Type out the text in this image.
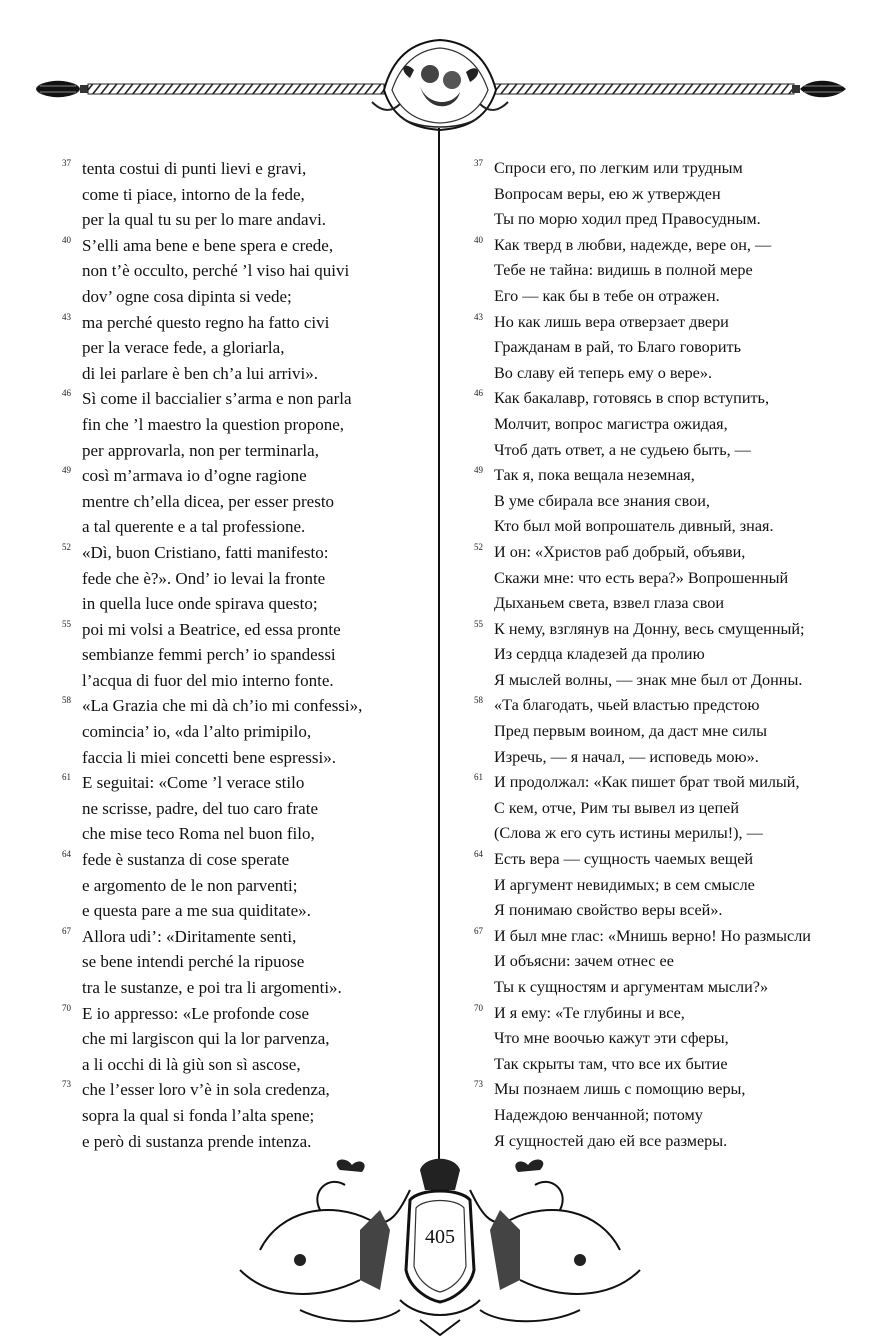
37 tenta costui di punti lievi e gravi,
come ti piace, intorno de la fede,
per la qual tu su per lo mare andavi.
40 S’elli ama bene e bene spera e crede,
non t’è occulto, perché ’l viso hai quivi
dov’ ogne cosa dipinta si vede;
43 ma perché questo regno ha fatto civi
per la verace fede, a gloriarla,
di lei parlare è ben ch’a lui arrivi».
46 Sì come il baccialier s’arma e non parla
fin che ’l maestro la question propone,
per approvarla, non per terminarla,
49 così m’armava io d’ogne ragione
mentre ch’ella dicea, per esser presto
a tal querente e a tal professione.
52 «Dì, buon Cristiano, fatti manifesto:
fede che è?». Ond’ io levai la fronte
in quella luce onde spirava questo;
55 poi mi volsi a Beatrice, ed essa pronte
sembianze femmi perch’ io spandessi
l’acqua di fuor del mio interno fonte.
58 «La Grazia che mi dà ch’io mi confessi»,
comincia’ io, «da l’alto primipilo,
faccia li miei concetti bene espressi».
61 E seguitai: «Come ’l verace stilo
ne scrisse, padre, del tuo caro frate
che mise teco Roma nel buon filo,
64 fede è sustanza di cose sperate
e argomento de le non parventi;
e questa pare a me sua quiditate».
67 Allora udi’: «Diritamente senti,
se bene intendi perché la ripuose
tra le sustanze, e poi tra li argomenti».
70 E io appresso: «Le profonde cose
che mi largiscon qui la lor parvenza,
a li occhi di là giù son sì ascose,
73 che l’esser loro v’è in sola credenza,
sopra la qual si fonda l’alta spene;
e però di sustanza prende intenza.
37 Спроси его, по легким или трудным
Вопросам веры, ею ж утвержден
Ты по морю ходил пред Правосудным.
40 Как тверд в любви, надежде, вере он, —
Тебе не тайна: видишь в полной мере
Его — как бы в тебе он отражен.
43 Но как лишь вера отверзает двери
Гражданам в рай, то Благо говорить
Во славу ей теперь ему о вере».
46 Как бакалавр, готовясь в спор вступить,
Молчит, вопрос магистра ожидая,
Чтоб дать ответ, а не судьею быть, —
49 Так я, пока вещала неземная,
В уме сбирала все знания свои,
Кто был мой вопрошатель дивный, зная.
52 И он: «Христов раб добрый, объяви,
Скажи мне: что есть вера?» Вопрошенный
Дыханьем света, взвел глаза свои
55 К нему, взглянув на Донну, весь смущенный;
Из сердца кладезей да пролию
Я мыслей волны, — знак мне был от Донны.
58 «Та благодать, чьей властью предстою
Пред первым воином, да даст мне силы
Изречь, — я начал, — исповедь мою».
61 И продолжал: «Как пишет брат твой милый,
С кем, отче, Рим ты вывел из цепей
(Слова ж его суть истины мерилы!), —
64 Есть вера — сущность чаемых вещей
И аргумент невидимых; в сем смысле
Я понимаю свойство веры всей».
67 И был мне глас: «Мнишь верно! Но размысли
И объясни: зачем отнес ее
Ты к сущностям и аргументам мысли?»
70 И я ему: «Те глубины и все,
Что мне воочью кажут эти сферы,
Так скрыты там, что все их бытие
73 Мы познаем лишь с помощию веры,
Надеждою венчанной; потому
Я сущностей даю ей все размеры.
405
